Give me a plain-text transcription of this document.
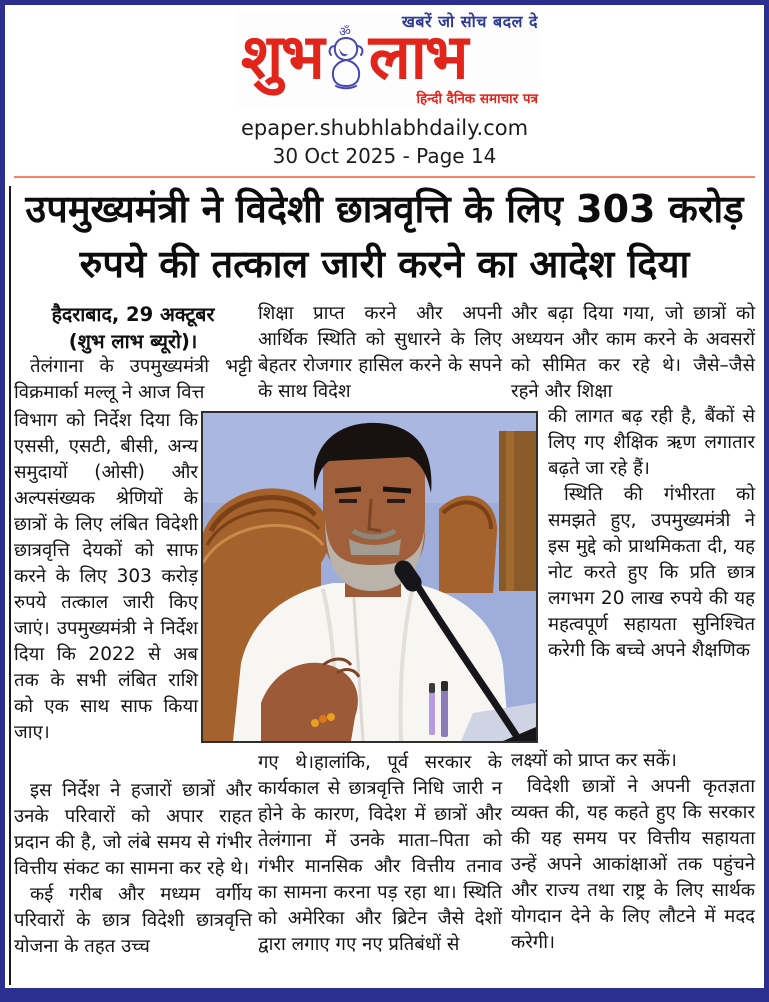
खबरें जो सोच बदल दे
शुभ ॐ लाभ
हिन्दी दैनिक समाचार पत्र
epaper.shubhlabhdaily.com
30 Oct 2025 - Page 14
उपमुख्यमंत्री ने विदेशी छात्रवृत्ति के लिए 303 करोड़
रुपये की तत्काल जारी करने का आदेश दिया
हैदराबाद, 29 अक्टूबर
(शुभ लाभ ब्यूरो)।
तेलंगाना के उपमुख्यमंत्री भट्टी विक्रमार्का मल्लू ने आज वित्त
विभाग को निर्देश दिया कि एससी, एसटी, बीसी, अन्य समुदायों (ओसी) और अल्पसंख्यक श्रेणियों के छात्रों के लिए लंबित विदेशी छात्रवृत्ति देयकों को साफ करने के लिए 303 करोड़ रुपये तत्काल जारी किए जाएं। उपमुख्यमंत्री ने निर्देश दिया कि 2022 से अब तक के सभी लंबित राशि को एक साथ साफ किया जाए।
इस निर्देश ने हजारों छात्रों और उनके परिवारों को अपार राहत प्रदान की है, जो लंबे समय से गंभीर वित्तीय संकट का सामना कर रहे थे।
कई गरीब और मध्यम वर्गीय परिवारों के छात्र विदेशी छात्रवृत्ति योजना के तहत उच्च
शिक्षा प्राप्त करने और अपनी आर्थिक स्थिति को सुधारने के लिए बेहतर रोजगार हासिल करने के सपने के साथ विदेश
गए थे।हालांकि, पूर्व सरकार के कार्यकाल से छात्रवृत्ति निधि जारी न होने के कारण, विदेश में छात्रों और तेलंगाना में उनके माता–पिता को गंभीर मानसिक और वित्तीय तनाव का सामना करना पड़ रहा था। स्थिति को अमेरिका और ब्रिटेन जैसे देशों द्वारा लगाए गए नए प्रतिबंधों से
और बढ़ा दिया गया, जो छात्रों को अध्ययन और काम करने के अवसरों को सीमित कर रहे थे। जैसे–जैसे रहने और शिक्षा
की लागत बढ़ रही है, बैंकों से लिए गए शैक्षिक ऋण लगातार बढ़ते जा रहे हैं।
स्थिति की गंभीरता को समझते हुए, उपमुख्यमंत्री ने इस मुद्दे को प्राथमिकता दी, यह नोट करते हुए कि प्रति छात्र लगभग 20 लाख रुपये की यह महत्वपूर्ण सहायता सुनिश्चित करेगी कि बच्चे अपने शैक्षणिक
लक्ष्यों को प्राप्त कर सकें।
विदेशी छात्रों ने अपनी कृतज्ञता व्यक्त की, यह कहते हुए कि सरकार की यह समय पर वित्तीय सहायता उन्हें अपने आकांक्षाओं तक पहुंचने और राज्य तथा राष्ट्र के लिए सार्थक योगदान देने के लिए लौटने में मदद करेगी।
